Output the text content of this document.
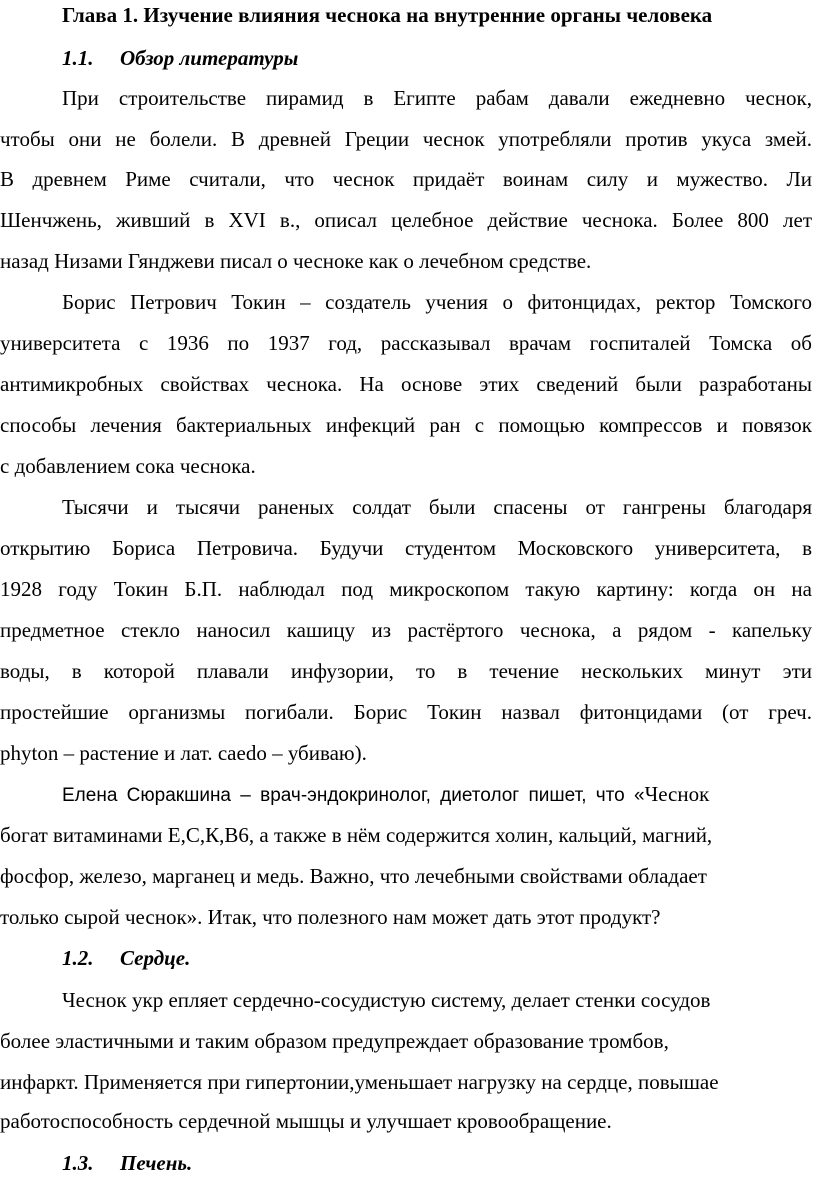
Глава 1. Изучение влияния чеснока на внутренние органы человека
1.1. Обзор литературы
При строительстве пирамид в Египте рабам давали ежедневно чеснок,
чтобы они не болели. В древней Греции чеснок употребляли против укуса змей.
В древнем Риме считали, что чеснок придаёт воинам силу и мужество. Ли
Шенчжень, живший в XVI в., описал целебное действие чеснока. Более 800 лет
назад Низами Гянджеви писал о чесноке как о лечебном средстве.
Борис Петрович Токин – создатель учения о фитонцидах, ректор Томского
университета с 1936 по 1937 год, рассказывал врачам госпиталей Томска об
антимикробных свойствах чеснока. На основе этих сведений были разработаны
способы лечения бактериальных инфекций ран с помощью компрессов и повязок
с добавлением сока чеснока.
Тысячи и тысячи раненых солдат были спасены от гангрены благодаря
открытию Бориса Петровича. Будучи студентом Московского университета, в
1928 году Токин Б.П. наблюдал под микроскопом такую картину: когда он на
предметное стекло наносил кашицу из растёртого чеснока, а рядом - капельку
воды, в которой плавали инфузории, то в течение нескольких минут эти
простейшие организмы погибали. Борис Токин назвал фитонцидами (от греч.
phyton – растение и лат. caedo – убиваю).
Елена Сюракшина – врач-эндокринолог, диетолог пишет, что «Чеснок
богат витаминами Е,С,К,В6, а также в нём содержится холин, кальций, магний,
фосфор, железо, марганец и медь. Важно, что лечебными свойствами обладает
только сырой чеснок». Итак, что полезного нам может дать этот продукт?
1.2. Сердце.
Чеснок укр епляет сердечно-сосудистую систему, делает стенки сосудов
более эластичными и таким образом предупреждает образование тромбов,
инфаркт. Применяется при гипертонии,уменьшает нагрузку на сердце, повышае
работоспособность сердечной мышцы и улучшает кровообращение.
1.3. Печень.
